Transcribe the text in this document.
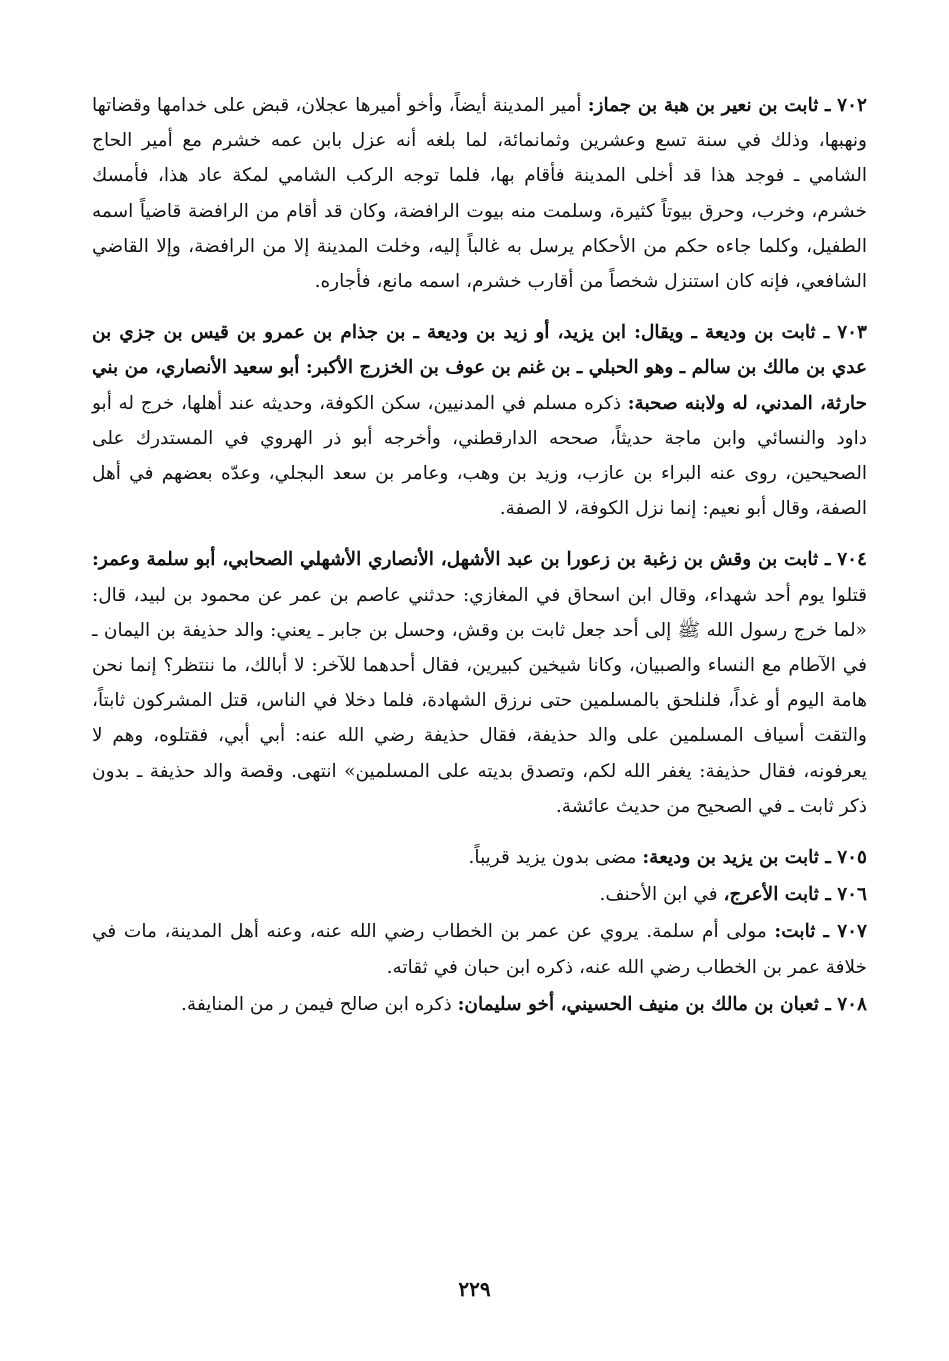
٧٠٢ ـ ثابت بن نعير بن هبة بن جماز: أمير المدينة أيضاً، وأخو أميرها عجلان، قبض على خدامها وقضاتها ونهبها، وذلك في سنة تسع وعشرين وثمانمائة، لما بلغه أنه عزل بابن عمه خشرم مع أمير الحاج الشامي ـ فوجد هذا قد أخلى المدينة فأقام بها، فلما توجه الركب الشامي لمكة عاد هذا، فأمسك خشرم، وخرب، وحرق بيوتاً كثيرة، وسلمت منه بيوت الرافضة، وكان قد أقام من الرافضة قاضياً اسمه الطفيل، وكلما جاءه حكم من الأحكام يرسل به غالباً إليه، وخلت المدينة إلا من الرافضة، وإلا القاضي الشافعي، فإنه كان استنزل شخصاً من أقارب خشرم، اسمه مانع، فأجاره.

٧٠٣ ـ ثابت بن وديعة ـ ويقال: ابن يزيد، أو زيد بن وديعة ـ بن جذام بن عمرو بن قيس بن جزي بن عدي بن مالك بن سالم ـ وهو الحبلي ـ بن غنم بن عوف بن الخزرج الأكبر: أبو سعيد الأنصاري، من بني حارثة، المدني، له ولابنه صحبة: ذكره مسلم في المدنيين، سكن الكوفة، وحديثه عند أهلها، خرج له أبو داود والنسائي وابن ماجة حديثاً، صححه الدارقطني، وأخرجه أبو ذر الهروي في المستدرك على الصحيحين، روى عنه البراء بن عازب، وزيد بن وهب، وعامر بن سعد البجلي، وعدّه بعضهم في أهل الصفة، وقال أبو نعيم: إنما نزل الكوفة، لا الصفة.

٧٠٤ ـ ثابت بن وقش بن زغبة بن زعورا بن عبد الأشهل، الأنصاري الأشهلي الصحابي، أبو سلمة وعمر: قتلوا يوم أحد شهداء، وقال ابن اسحاق في المغازي: حدثني عاصم بن عمر عن محمود بن لبيد، قال: «لما خرج رسول الله ﷺ إلى أحد جعل ثابت بن وقش، وحسل بن جابر ـ يعني: والد حذيفة بن اليمان ـ في الآطام مع النساء والصبيان، وكانا شيخين كبيرين، فقال أحدهما للآخر: لا أبالك، ما ننتظر؟ إنما نحن هامة اليوم أو غداً، فلنلحق بالمسلمين حتى نرزق الشهادة، فلما دخلا في الناس، قتل المشركون ثابتاً، والتقت أسياف المسلمين على والد حذيفة، فقال حذيفة رضي الله عنه: أبي أبي، فقتلوه، وهم لا يعرفونه، فقال حذيفة: يغفر الله لكم، وتصدق بديته على المسلمين» انتهى. وقصة والد حذيفة ـ بدون ذكر ثابت ـ في الصحيح من حديث عائشة.

٧٠٥ ـ ثابت بن يزيد بن وديعة: مضى بدون يزيد قريباً.

٧٠٦ ـ ثابت الأعرج، في ابن الأحنف.

٧٠٧ ـ ثابت: مولى أم سلمة. يروي عن عمر بن الخطاب رضي الله عنه، وعنه أهل المدينة، مات في خلافة عمر بن الخطاب رضي الله عنه، ذكره ابن حبان في ثقاته.

٧٠٨ ـ ثعبان بن مالك بن منيف الحسيني، أخو سليمان: ذكره ابن صالح فيمن ر من المنايفة.

٢٢٩
